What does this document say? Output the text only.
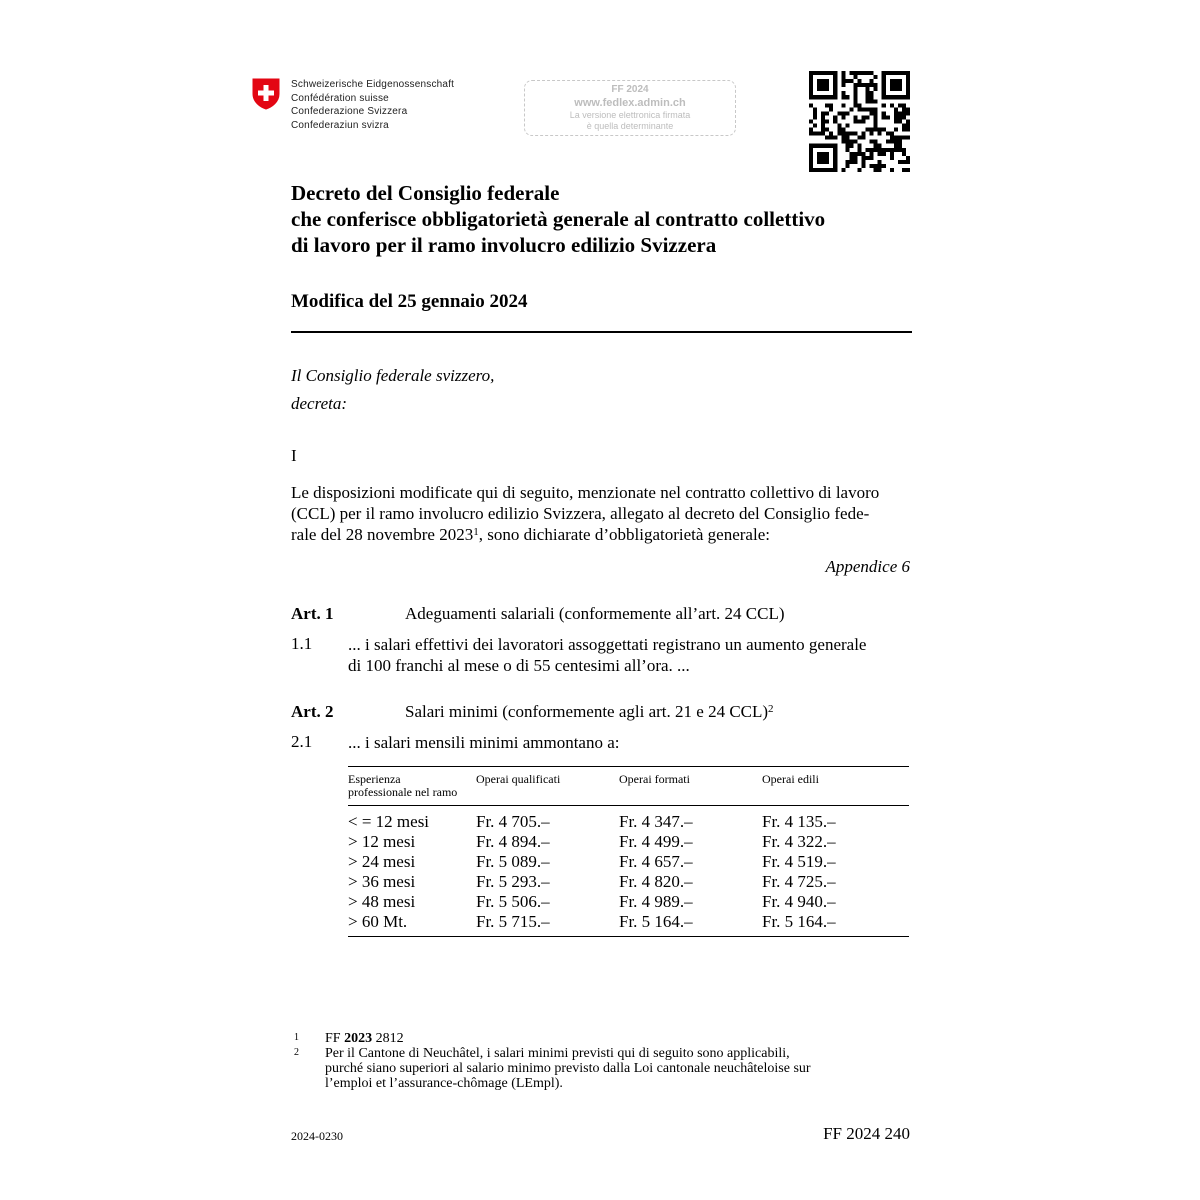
Schweizerische Eidgenossenschaft
Confédération suisse
Confederazione Svizzera
Confederaziun svizra
FF 2024
www.fedlex.admin.ch
La versione elettronica firmata
è quella determinante
Decreto del Consiglio federale
che conferisce obbligatorietà generale al contratto collettivo
di lavoro per il ramo involucro edilizio Svizzera
Modifica del 25 gennaio 2024
Il Consiglio federale svizzero,
decreta:
I
Le disposizioni modificate qui di seguito, menzionate nel contratto collettivo di lavoro
(CCL) per il ramo involucro edilizio Svizzera, allegato al decreto del Consiglio fede-
rale del 28 novembre 2023$^1$, sono dichiarate d’obbligatorietà generale:
Appendice 6
Art. 1	Adeguamenti salariali (conformemente all’art. 24 CCL)
1.1 ... i salari effettivi dei lavoratori assoggettati registrano un aumento generale
di 100 franchi al mese o di 55 centesimi all’ora. ...
Art. 2	Salari minimi (conformemente agli art. 21 e 24 CCL)$^2$
2.1 ... i salari mensili minimi ammontano a:
Esperienza
professionale nel ramo
Operai qualificati	Operai formati	Operai edili
< = 12 mesi	Fr. 4 705.–	Fr. 4 347.–	Fr. 4 135.–
> 12 mesi	Fr. 4 894.–	Fr. 4 499.–	Fr. 4 322.–
> 24 mesi	Fr. 5 089.–	Fr. 4 657.–	Fr. 4 519.–
> 36 mesi	Fr. 5 293.–	Fr. 4 820.–	Fr. 4 725.–
> 48 mesi	Fr. 5 506.–	Fr. 4 989.–	Fr. 4 940.–
> 60 Mt.	Fr. 5 715.–	Fr. 5 164.–	Fr. 5 164.–
1 FF 2023 2812
2 Per il Cantone di Neuchâtel, i salari minimi previsti qui di seguito sono applicabili,
purché siano superiori al salario minimo previsto dalla Loi cantonale neuchâteloise sur
l’emploi et l’assurance-chômage (LEmpl).
2024-0230	FF 2024 240
